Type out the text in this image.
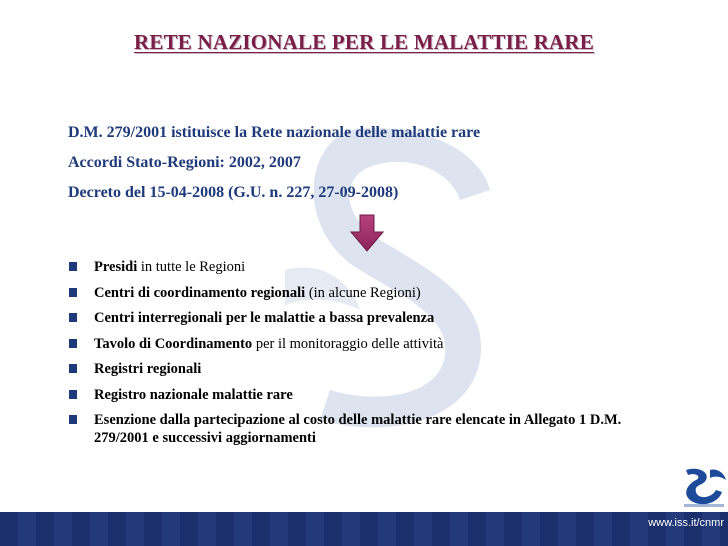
RETE NAZIONALE PER LE MALATTIE RARE
D.M. 279/2001 istituisce la Rete nazionale delle malattie rare
Accordi Stato-Regioni: 2002, 2007
Decreto del 15-04-2008 (G.U. n. 227, 27-09-2008)
Presidi in tutte le Regioni
Centri di coordinamento regionali (in alcune Regioni)
Centri interregionali per le malattie a bassa prevalenza
Tavolo di Coordinamento per il monitoraggio delle attività
Registri regionali
Registro nazionale malattie rare
Esenzione dalla partecipazione al costo delle malattie rare elencate in Allegato 1 D.M. 279/2001 e successivi aggiornamenti
www.iss.it/cnmr
